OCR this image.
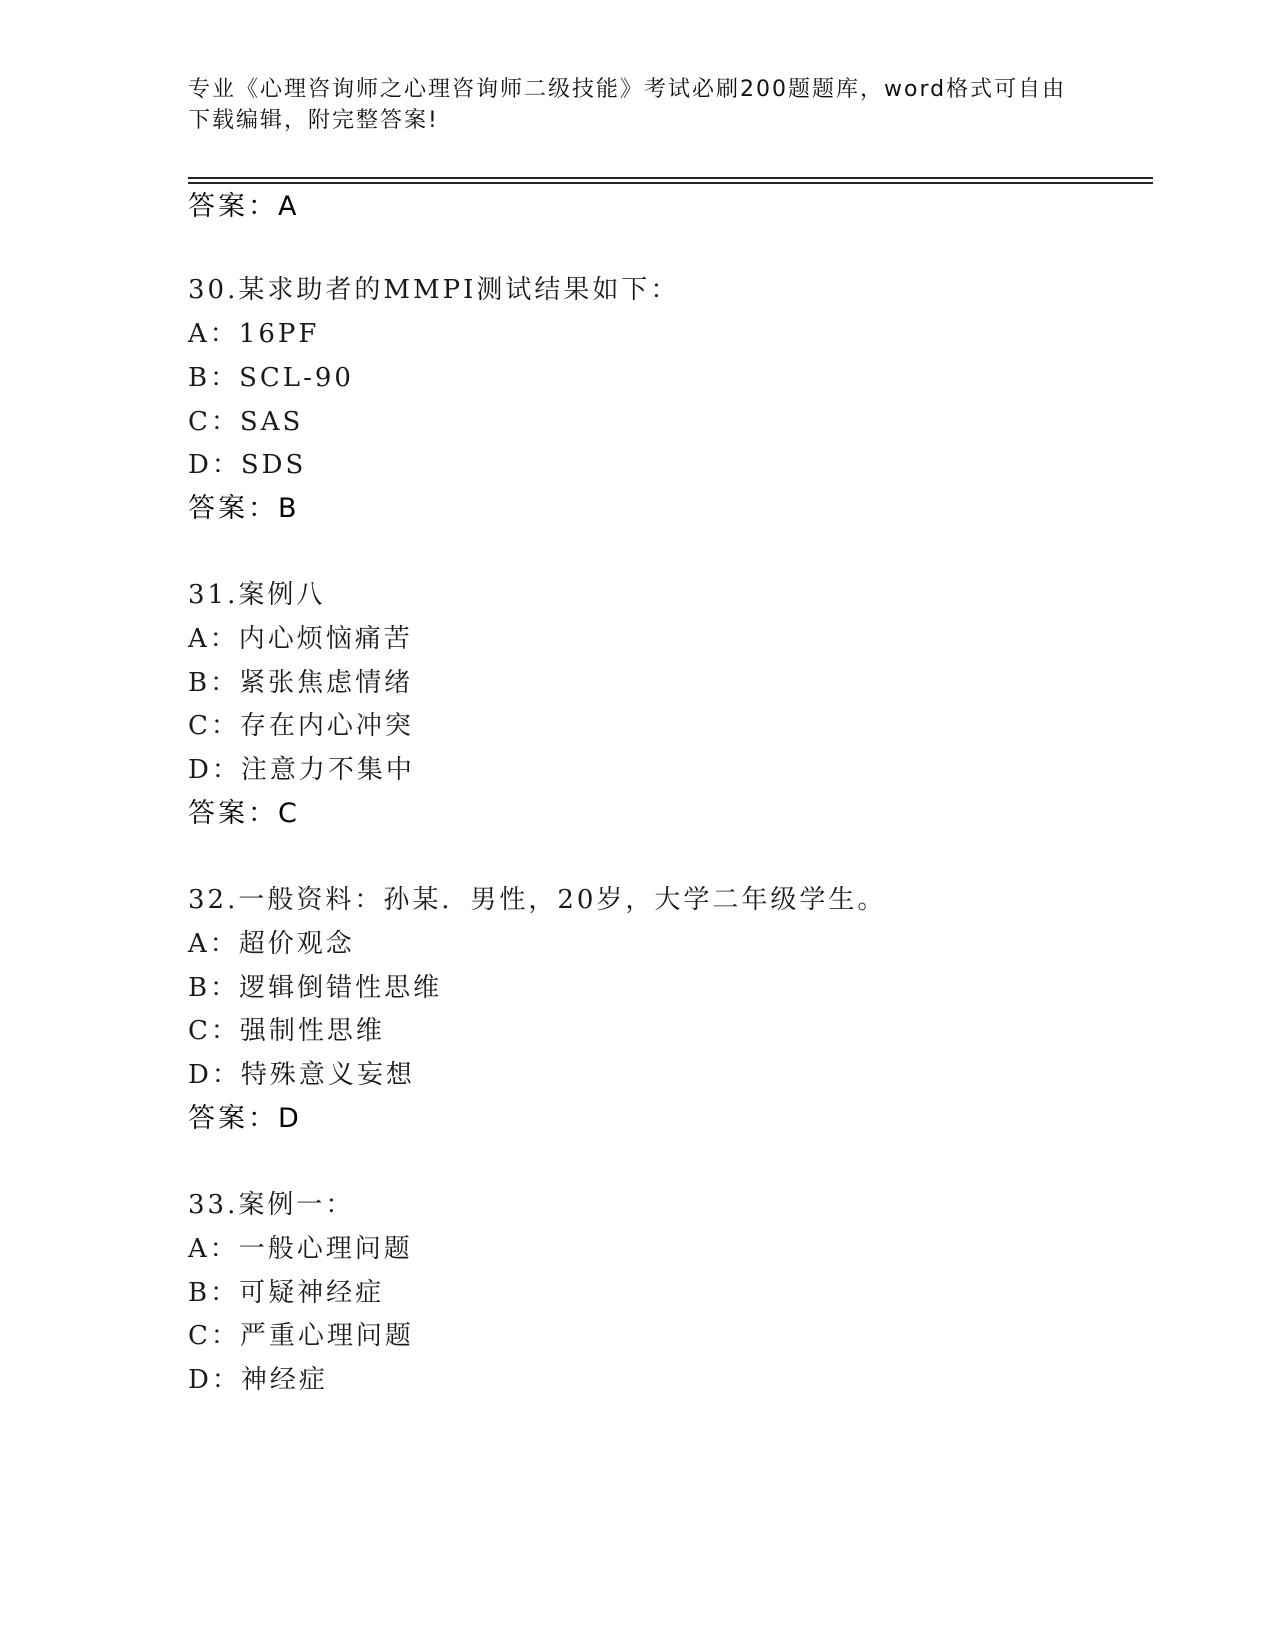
专业《心理咨询师之心理咨询师二级技能》考试必刷200题题库，word格式可自由下载编辑，附完整答案!
答案：A
30.某求助者的MMPI测试结果如下：
A：16PF
B：SCL-90
C：SAS
D：SDS
答案：B
31.案例八
A：内心烦恼痛苦
B：紧张焦虑情绪
C：存在内心冲突
D：注意力不集中
答案：C
32.一般资料：孙某．男性，20岁，大学二年级学生。
A：超价观念
B：逻辑倒错性思维
C：强制性思维
D：特殊意义妄想
答案：D
33.案例一：
A：一般心理问题
B：可疑神经症
C：严重心理问题
D：神经症
